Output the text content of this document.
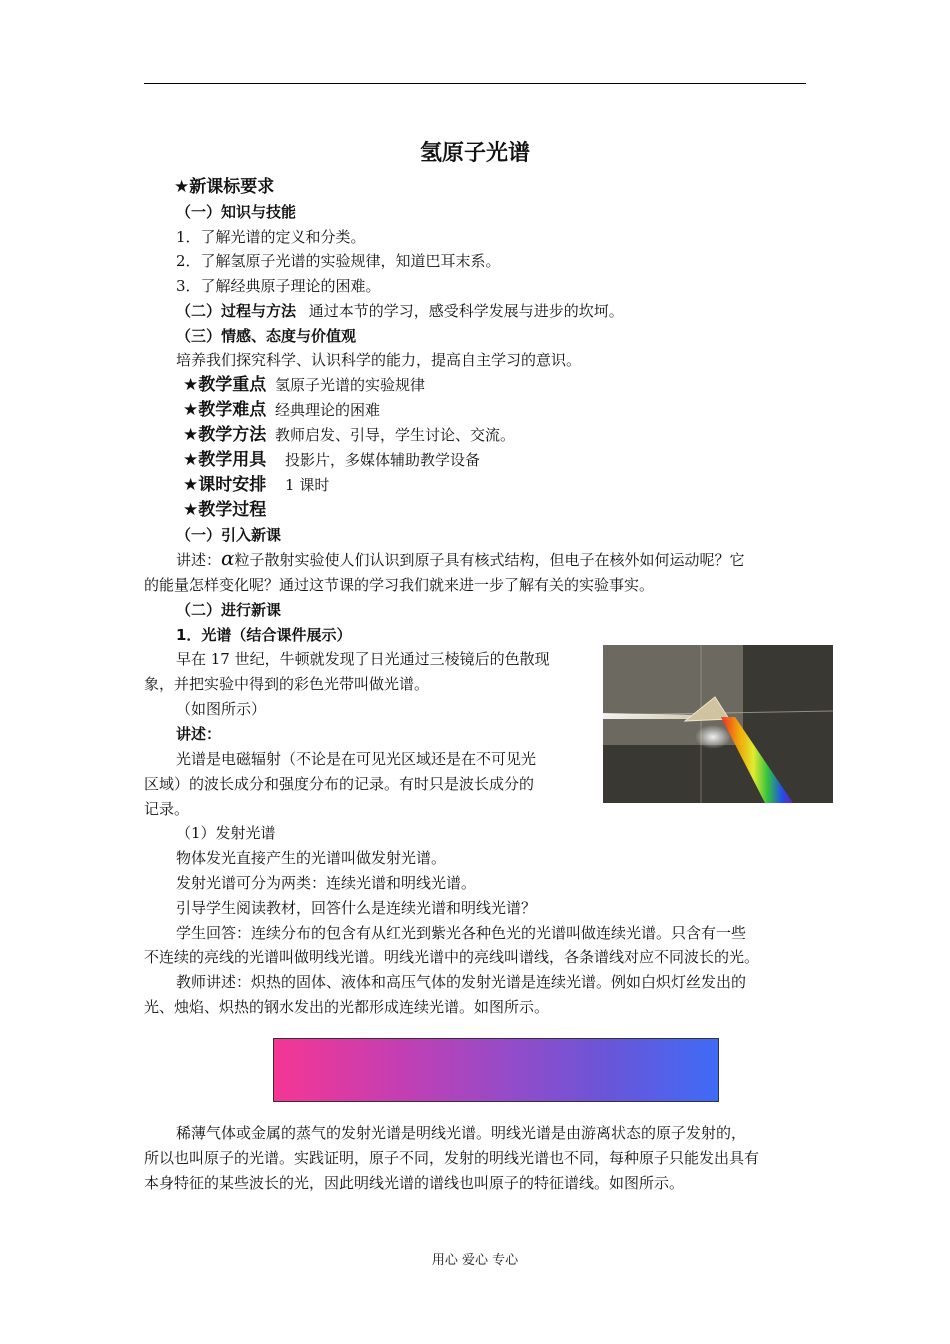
氢原子光谱
★新课标要求
（一）知识与技能
1．了解光谱的定义和分类。
2．了解氢原子光谱的实验规律，知道巴耳末系。
3．了解经典原子理论的困难。
（二）过程与方法 通过本节的学习，感受科学发展与进步的坎坷。
（三）情感、态度与价值观
培养我们探究科学、认识科学的能力，提高自主学习的意识。
★教学重点 氢原子光谱的实验规律
★教学难点 经典理论的困难
★教学方法 教师启发、引导，学生讨论、交流。
★教学用具 投影片，多媒体辅助教学设备
★课时安排 1 课时
★教学过程
（一）引入新课
讲述：α粒子散射实验使人们认识到原子具有核式结构，但电子在核外如何运动呢？它
的能量怎样变化呢？通过这节课的学习我们就来进一步了解有关的实验事实。
（二）进行新课
1．光谱（结合课件展示）
早在 17 世纪，牛顿就发现了日光通过三棱镜后的色散现
象，并把实验中得到的彩色光带叫做光谱。
（如图所示）
讲述：
光谱是电磁辐射（不论是在可见光区域还是在不可见光
区域）的波长成分和强度分布的记录。有时只是波长成分的
记录。
（1）发射光谱
物体发光直接产生的光谱叫做发射光谱。
发射光谱可分为两类：连续光谱和明线光谱。
引导学生阅读教材，回答什么是连续光谱和明线光谱？
学生回答：连续分布的包含有从红光到紫光各种色光的光谱叫做连续光谱。只含有一些
不连续的亮线的光谱叫做明线光谱。明线光谱中的亮线叫谱线，各条谱线对应不同波长的光。
教师讲述：炽热的固体、液体和高压气体的发射光谱是连续光谱。例如白炽灯丝发出的
光、烛焰、炽热的钢水发出的光都形成连续光谱。如图所示。
稀薄气体或金属的蒸气的发射光谱是明线光谱。明线光谱是由游离状态的原子发射的，
所以也叫原子的光谱。实践证明，原子不同，发射的明线光谱也不同，每种原子只能发出具有
本身特征的某些波长的光，因此明线光谱的谱线也叫原子的特征谱线。如图所示。
用心 爱心 专心
